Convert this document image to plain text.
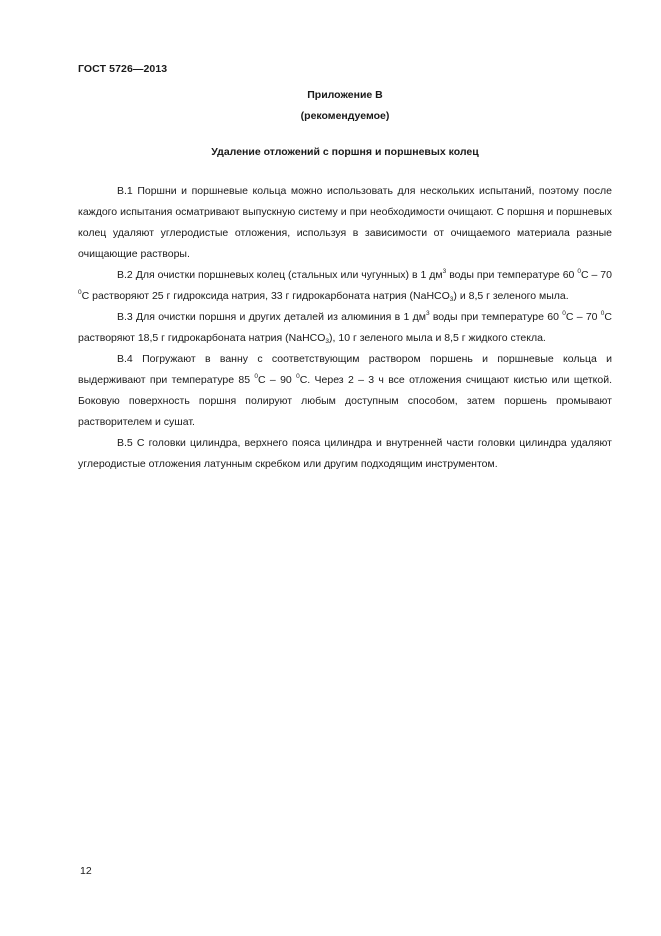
ГОСТ 5726—2013
Приложение В
(рекомендуемое)
Удаление отложений с поршня и поршневых колец

В.1 Поршни и поршневые кольца можно использовать для нескольких испытаний, поэтому после каждого испытания осматривают выпускную систему и при необходимости очищают. С поршня и поршневых колец удаляют углеродистые отложения, используя в зависимости от очищаемого материала разные очищающие растворы.

В.2 Для очистки поршневых колец (стальных или чугунных) в 1 $дм^3$ воды при температуре 60 $^0$С – 70 $^0$С растворяют 25 г гидроксида натрия, 33 г гидрокарбоната натрия (NaHCO$_3$) и 8,5 г зеленого мыла.

В.3 Для очистки поршня и других деталей из алюминия в 1 $дм^3$ воды при температуре 60 $^0$С – 70 $^0$С растворяют 18,5 г гидрокарбоната натрия (NaHCO$_3$), 10 г зеленого мыла и 8,5 г жидкого стекла.

В.4 Погружают в ванну с соответствующим раствором поршень и поршневые кольца и выдерживают при температуре 85 $^0$С – 90 $^0$С. Через 2 – 3 ч все отложения счищают кистью или щеткой. Боковую поверхность поршня полируют любым доступным способом, затем поршень промывают растворителем и сушат.

В.5 С головки цилиндра, верхнего пояса цилиндра и внутренней части головки цилиндра удаляют углеродистые отложения латунным скребком или другим подходящим инструментом.

12
